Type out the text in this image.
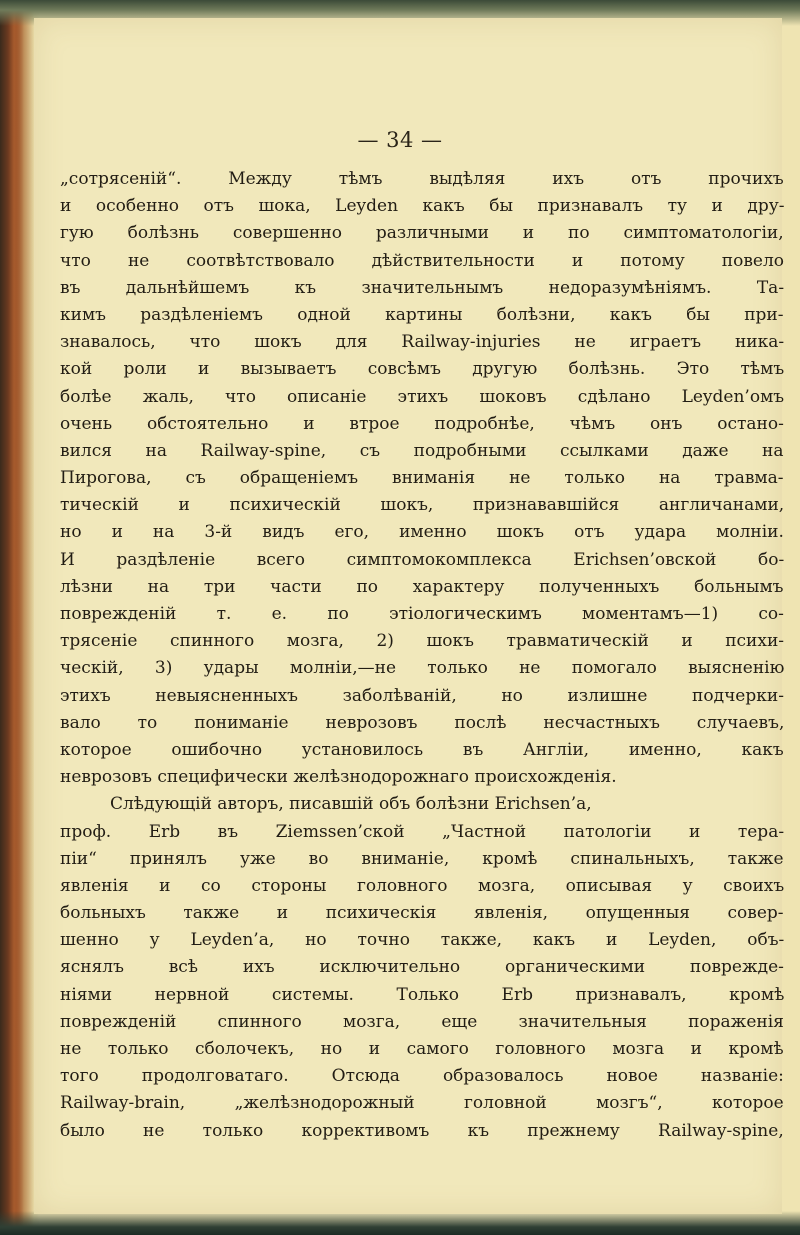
— 34 —
„сотрясеній“. Между тѣмъ выдѣляя ихъ отъ прочихъ
и особенно отъ шока, Leyden какъ бы признавалъ ту и дру-
гую болѣзнь совершенно различными и по симптоматологіи,
что не соотвѣтствовало дѣйствительности и потому повело
въ дальнѣйшемъ къ значительнымъ недоразумѣніямъ. Та-
кимъ раздѣленіемъ одной картины болѣзни, какъ бы при-
знавалось, что шокъ для Railway-injuries не играетъ ника-
кой роли и вызываетъ совсѣмъ другую болѣзнь. Это тѣмъ
болѣе жаль, что описаніе этихъ шоковъ сдѣлано Leyden’омъ
очень обстоятельно и втрое подробнѣе, чѣмъ онъ остано-
вился на Railway-spine, съ подробными ссылками даже на
Пирогова, съ обращеніемъ вниманія не только на травма-
тическій и психическій шокъ, признававшійся англичанами,
но и на 3-й видъ его, именно шокъ отъ удара молніи.
И раздѣленіе всего симптомокомплекса Erichsen’овской бо-
лѣзни на три части по характеру полученныхъ больнымъ
поврежденій т. е. по этіологическимъ моментамъ—1) со-
трясеніе спинного мозга, 2) шокъ травматическій и психи-
ческій, 3) удары молніи,—не только не помогало выясненію
этихъ невыясненныхъ заболѣваній, но излишне подчерки-
вало то пониманіе неврозовъ послѣ несчастныхъ случаевъ,
которое ошибочно установилось въ Англіи, именно, какъ
неврозовъ специфически желѣзнодорожнаго происхожденія.
Слѣдующій авторъ, писавшій объ болѣзни Erichsen’а,
проф. Erb въ Ziemssen’ской „Частной патологіи и тера-
піи“ принялъ уже во вниманіе, кромѣ спинальныхъ, также
явленія и со стороны головного мозга, описывая у своихъ
больныхъ также и психическія явленія, опущенныя совер-
шенно у Leyden’а, но точно также, какъ и Leyden, объ-
яснялъ всѣ ихъ исключительно органическими поврежде-
ніями нервной системы. Только Erb признавалъ, кромѣ
поврежденій спинного мозга, еще значительныя пораженія
не только сболочекъ, но и самого головного мозга и кромѣ
того продолговатаго. Отсюда образовалось новое названіе:
Railway-brain, „желѣзнодорожный головной мозгъ“, которое
было не только коррективомъ къ прежнему Railway-spine,
